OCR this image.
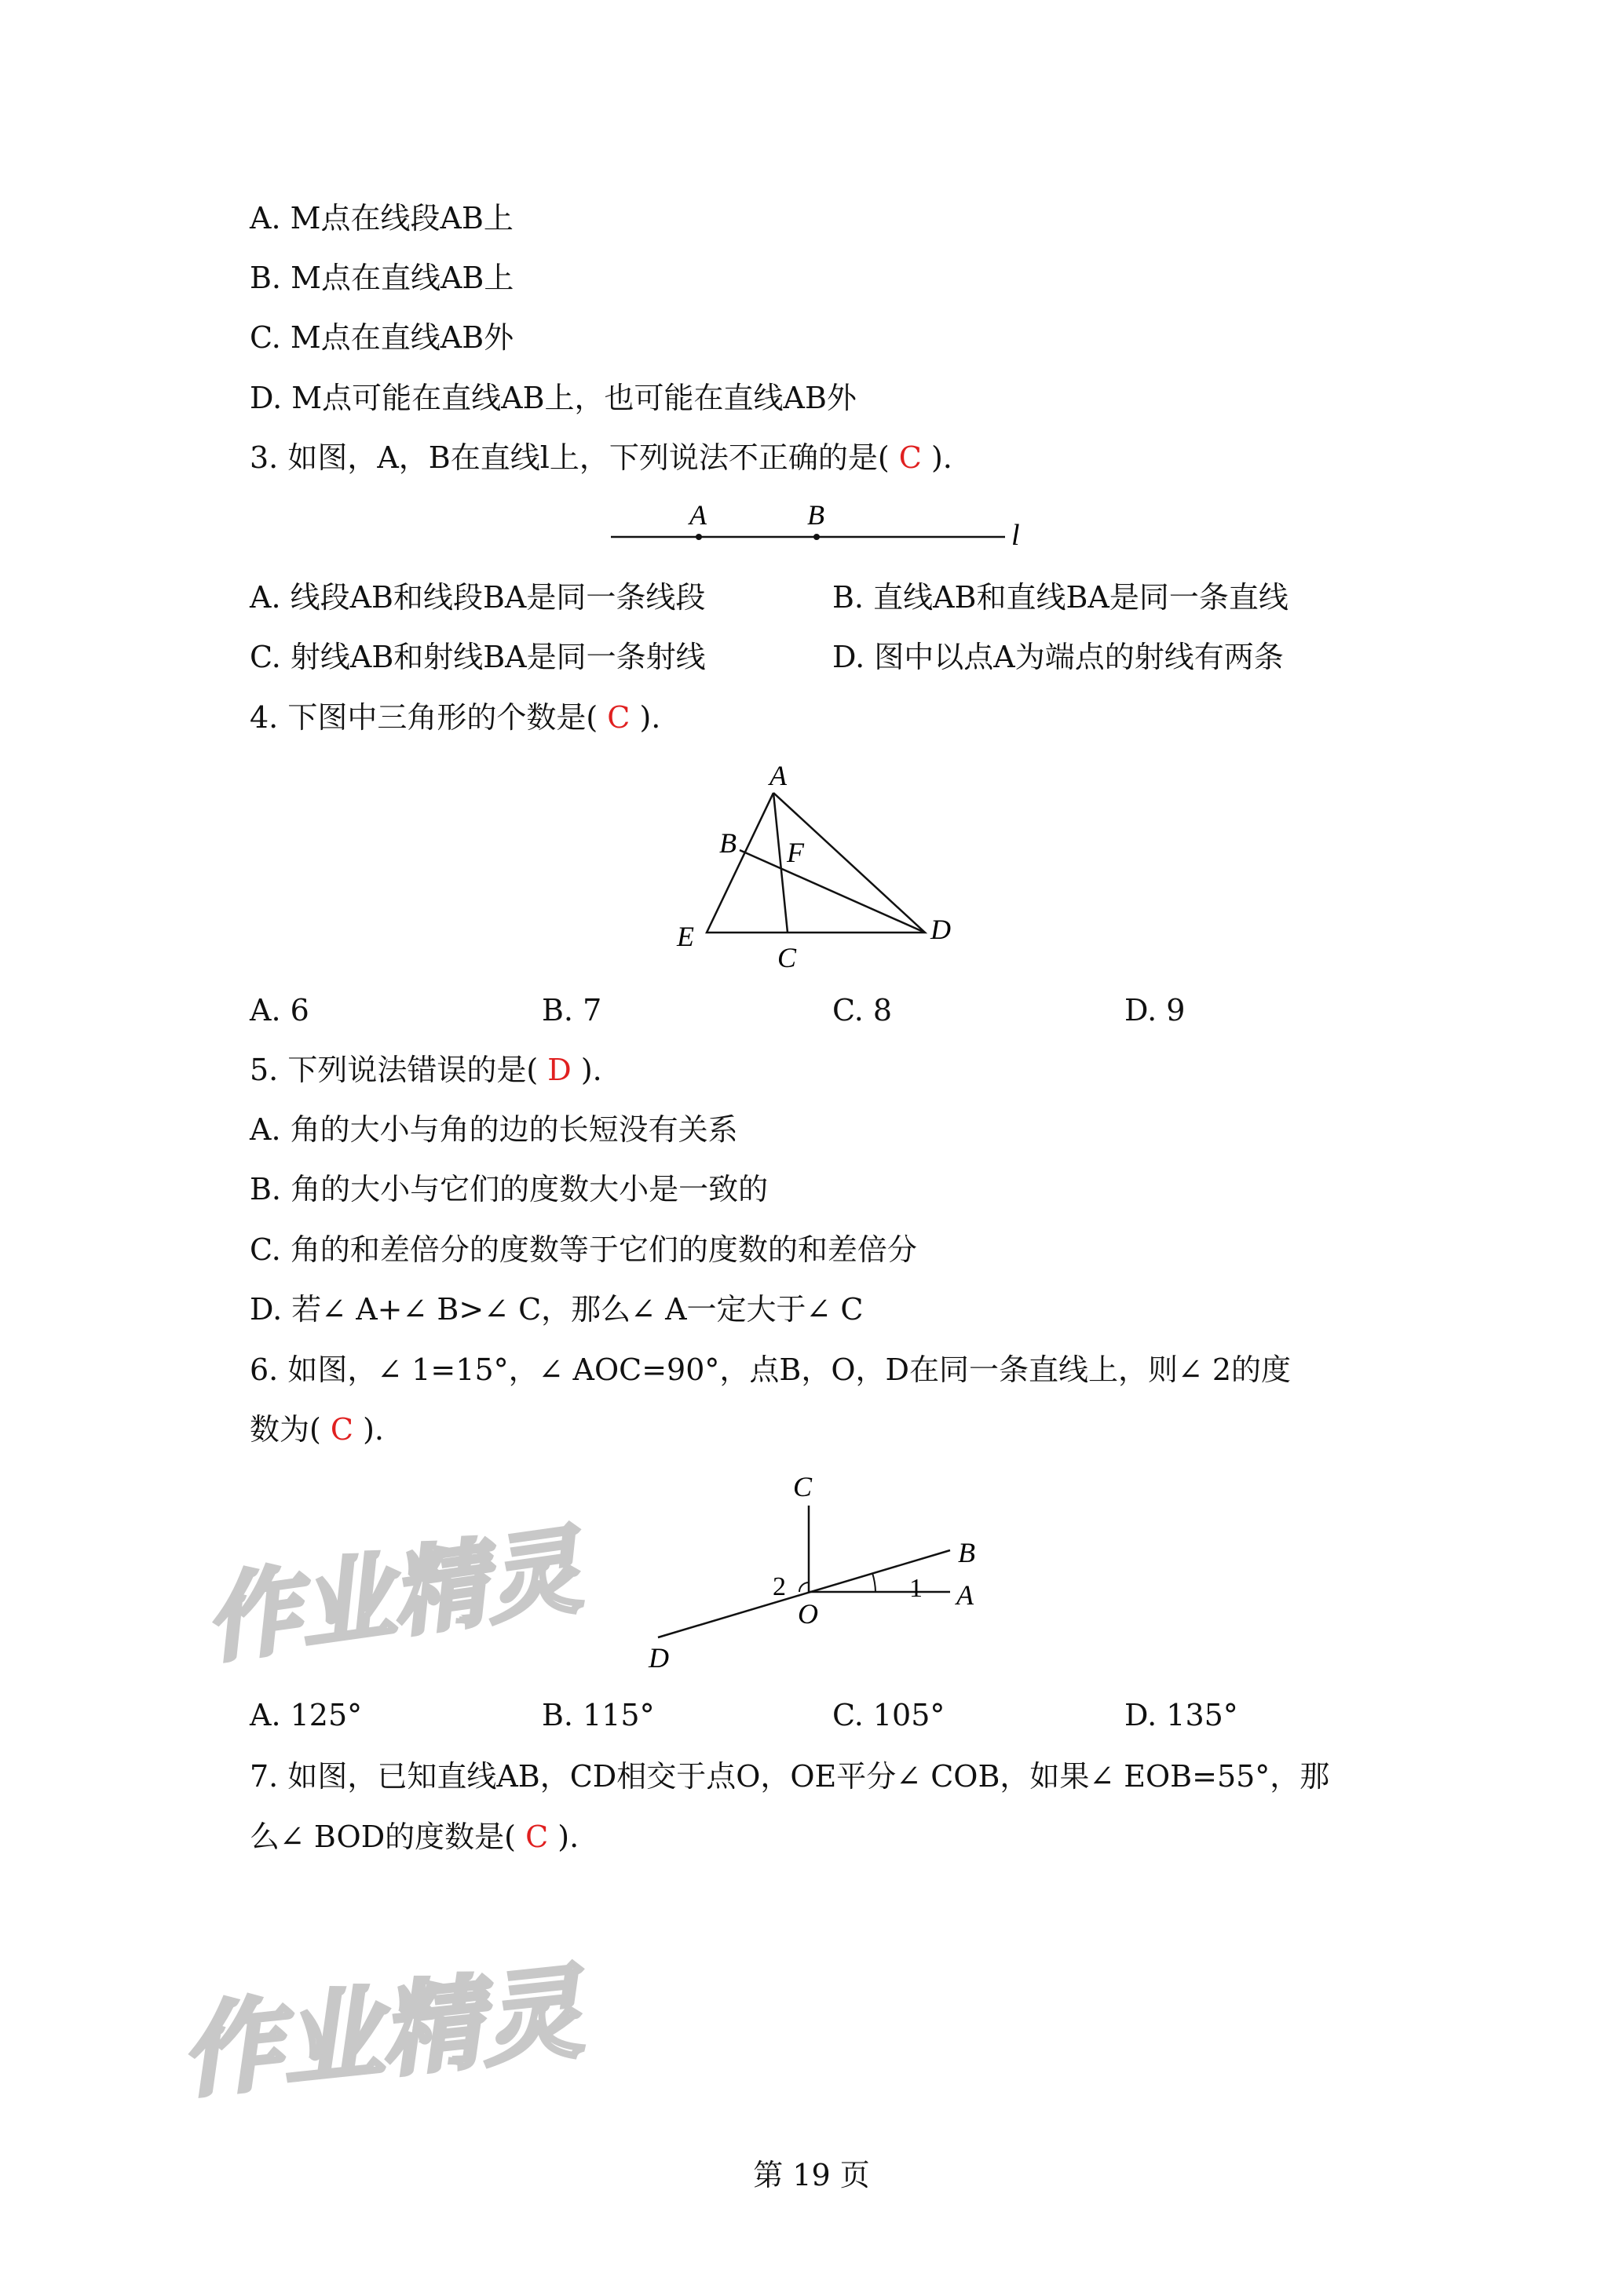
A. M点在线段AB上
B. M点在直线AB上
C. M点在直线AB外
D. M点可能在直线AB上，也可能在直线AB外
3. 如图，A，B在直线l上，下列说法不正确的是( C ).
A	B
l
A. 线段AB和线段BA是同一条线段	B. 直线AB和直线BA是同一条直线
C. 射线AB和射线BA是同一条射线	D. 图中以点A为端点的射线有两条
4. 下图中三角形的个数是( C ).
A
B F
E
C
D
A. 6	B. 7	C. 8	D. 9
5. 下列说法错误的是( D ).
A. 角的大小与角的边的长短没有关系
B. 角的大小与它们的度数大小是一致的
C. 角的和差倍分的度数等于它们的度数的和差倍分
D. 若∠ A+∠ B>∠ C，那么∠ A一定大于∠ C
6. 如图，∠ 1=15°，∠ AOC=90°，点B，O，D在同一条直线上，则∠ 2的度
数为( C ).
C
B
A
O
D
1
2
A. 125°	B. 115°	C. 105°	D. 135°
7. 如图，已知直线AB，CD相交于点O，OE平分∠ COB，如果∠ EOB=55°，那
么∠ BOD的度数是( C ).
作业精灵
作业精灵
第 19 页
